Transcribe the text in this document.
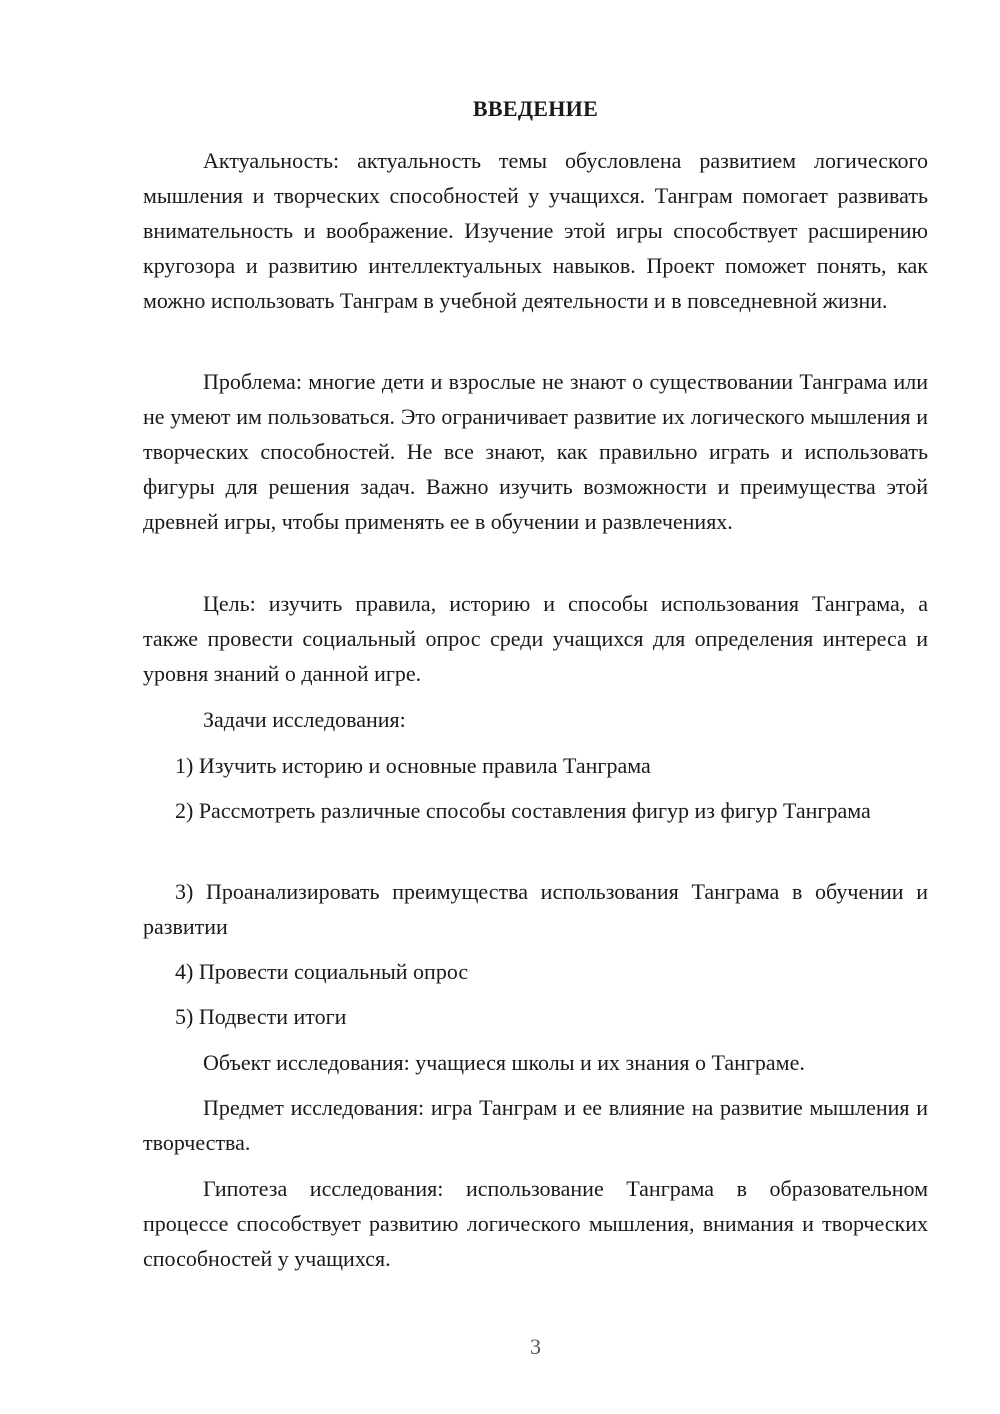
ВВЕДЕНИЕ
Актуальность: актуальность темы обусловлена развитием логического мышления и творческих способностей у учащихся. Танграм помогает развивать внимательность и воображение. Изучение этой игры способствует расширению кругозора и развитию интеллектуальных навыков. Проект поможет понять, как можно использовать Танграм в учебной деятельности и в повседневной жизни.
Проблема: многие дети и взрослые не знают о существовании Танграма или не умеют им пользоваться. Это ограничивает развитие их логического мышления и творческих способностей. Не все знают, как правильно играть и использовать фигуры для решения задач. Важно изучить возможности и преимущества этой древней игры, чтобы применять ее в обучении и развлечениях.
Цель: изучить правила, историю и способы использования Танграма, а также провести социальный опрос среди учащихся для определения интереса и уровня знаний о данной игре.
Задачи исследования:
1) Изучить историю и основные правила Танграма
2) Рассмотреть различные способы составления фигур из фигур Танграма
3) Проанализировать преимущества использования Танграма в обучении и развитии
4) Провести социальный опрос
5) Подвести итоги
Объект исследования: учащиеся школы и их знания о Танграме.
Предмет исследования: игра Танграм и ее влияние на развитие мышления и творчества.
Гипотеза исследования: использование Танграма в образовательном процессе способствует развитию логического мышления, внимания и творческих способностей у учащихся.
3
